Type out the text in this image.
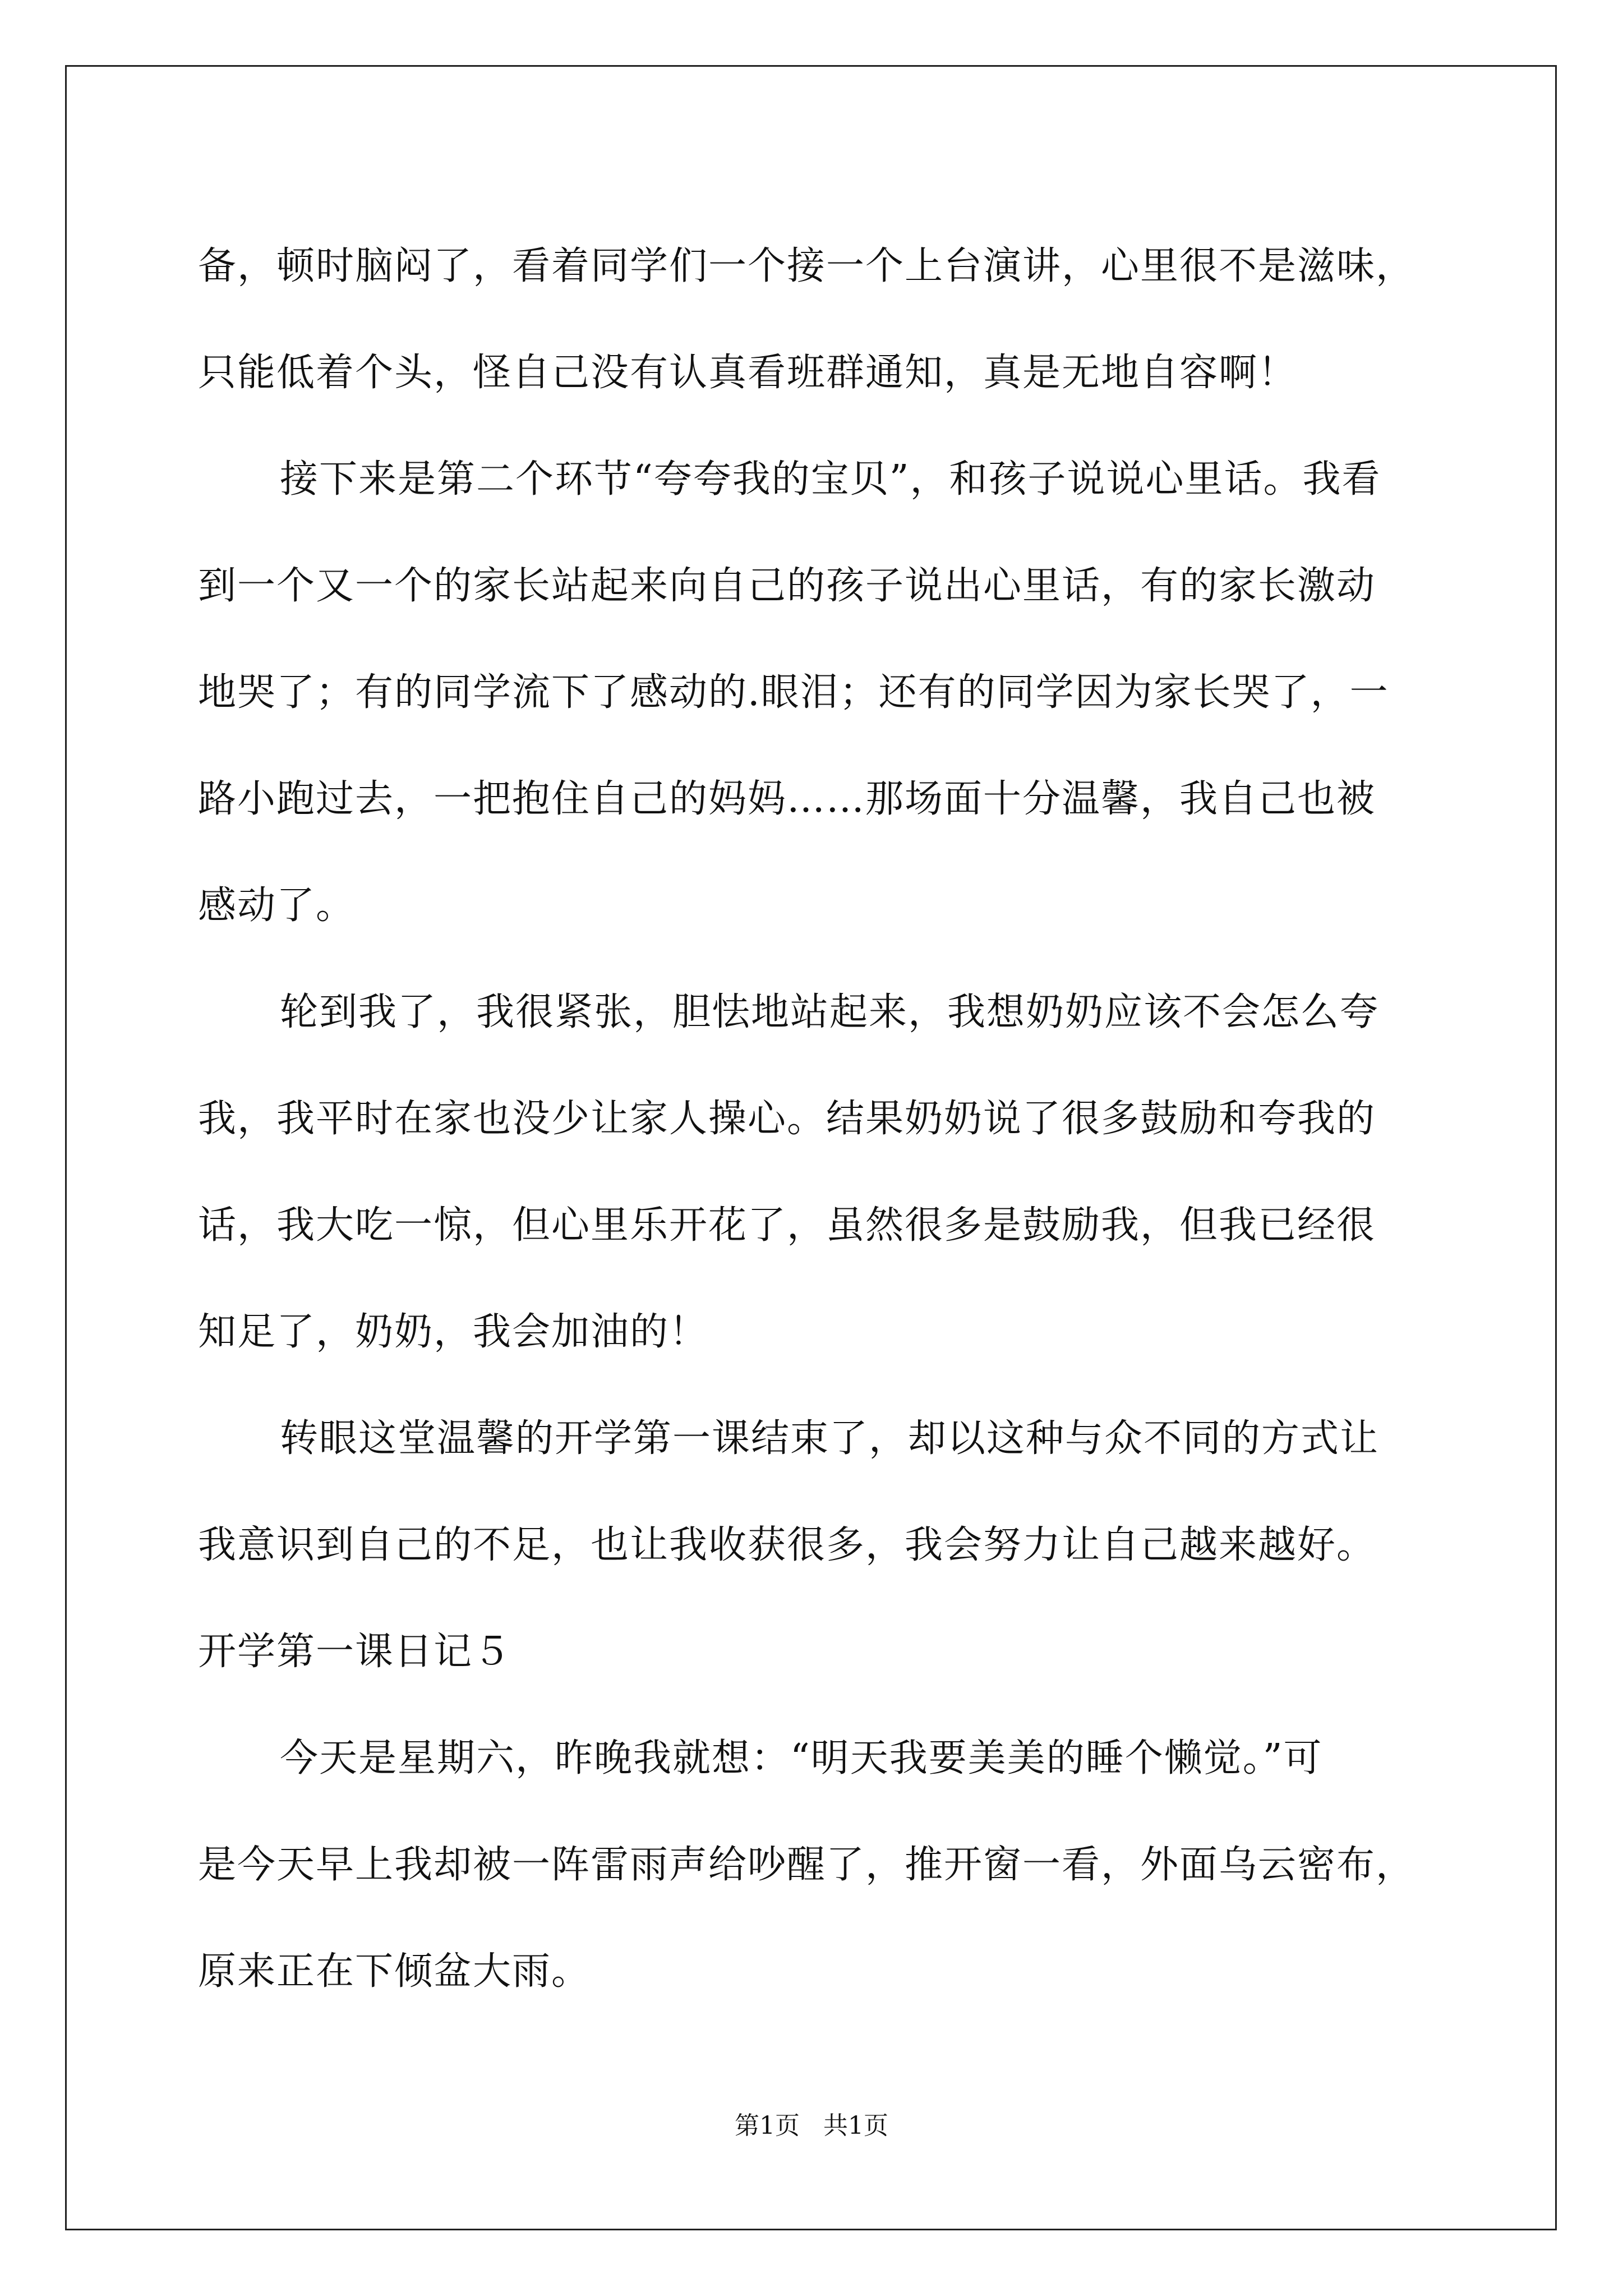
备，顿时脑闷了，看着同学们一个接一个上台演讲，心里很不是滋味，
只能低着个头，怪自己没有认真看班群通知，真是无地自容啊！
接下来是第二个环节“夸夸我的宝贝”，和孩子说说心里话。我看
到一个又一个的家长站起来向自己的孩子说出心里话，有的家长激动
地哭了；有的同学流下了感动的.眼泪；还有的同学因为家长哭了，一
路小跑过去，一把抱住自己的妈妈……那场面十分温馨，我自己也被
感动了。
轮到我了，我很紧张，胆怯地站起来，我想奶奶应该不会怎么夸
我，我平时在家也没少让家人操心。结果奶奶说了很多鼓励和夸我的
话，我大吃一惊，但心里乐开花了，虽然很多是鼓励我，但我已经很
知足了，奶奶，我会加油的！
转眼这堂温馨的开学第一课结束了，却以这种与众不同的方式让
我意识到自己的不足，也让我收获很多，我会努力让自己越来越好。
开学第一课日记５
今天是星期六，昨晚我就想：“明天我要美美的睡个懒觉。”可
是今天早上我却被一阵雷雨声给吵醒了，推开窗一看，外面乌云密布，
原来正在下倾盆大雨。
第1页   共1页
